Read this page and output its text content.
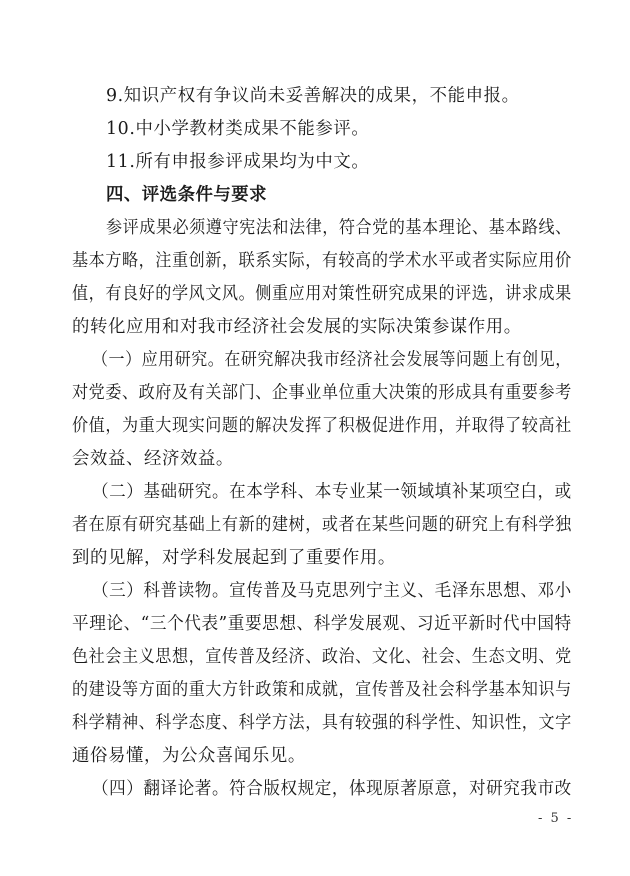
9.知识产权有争议尚未妥善解决的成果，不能申报。
10.中小学教材类成果不能参评。
11.所有申报参评成果均为中文。
四、评选条件与要求
参评成果必须遵守宪法和法律，符合党的基本理论、基本路线、
基本方略，注重创新，联系实际，有较高的学术水平或者实际应用价
值，有良好的学风文风。侧重应用对策性研究成果的评选，讲求成果
的转化应用和对我市经济社会发展的实际决策参谋作用。
（一）应用研究。在研究解决我市经济社会发展等问题上有创见，
对党委、政府及有关部门、企事业单位重大决策的形成具有重要参考
价值，为重大现实问题的解决发挥了积极促进作用，并取得了较高社
会效益、经济效益。
（二）基础研究。在本学科、本专业某一领域填补某项空白，或
者在原有研究基础上有新的建树，或者在某些问题的研究上有科学独
到的见解，对学科发展起到了重要作用。
（三）科普读物。宣传普及马克思列宁主义、毛泽东思想、邓小
平理论、“三个代表”重要思想、科学发展观、习近平新时代中国特
色社会主义思想，宣传普及经济、政治、文化、社会、生态文明、党
的建设等方面的重大方针政策和成就，宣传普及社会科学基本知识与
科学精神、科学态度、科学方法，具有较强的科学性、知识性，文字
通俗易懂，为公众喜闻乐见。
（四）翻译论著。符合版权规定，体现原著原意，对研究我市改
- 5 -
